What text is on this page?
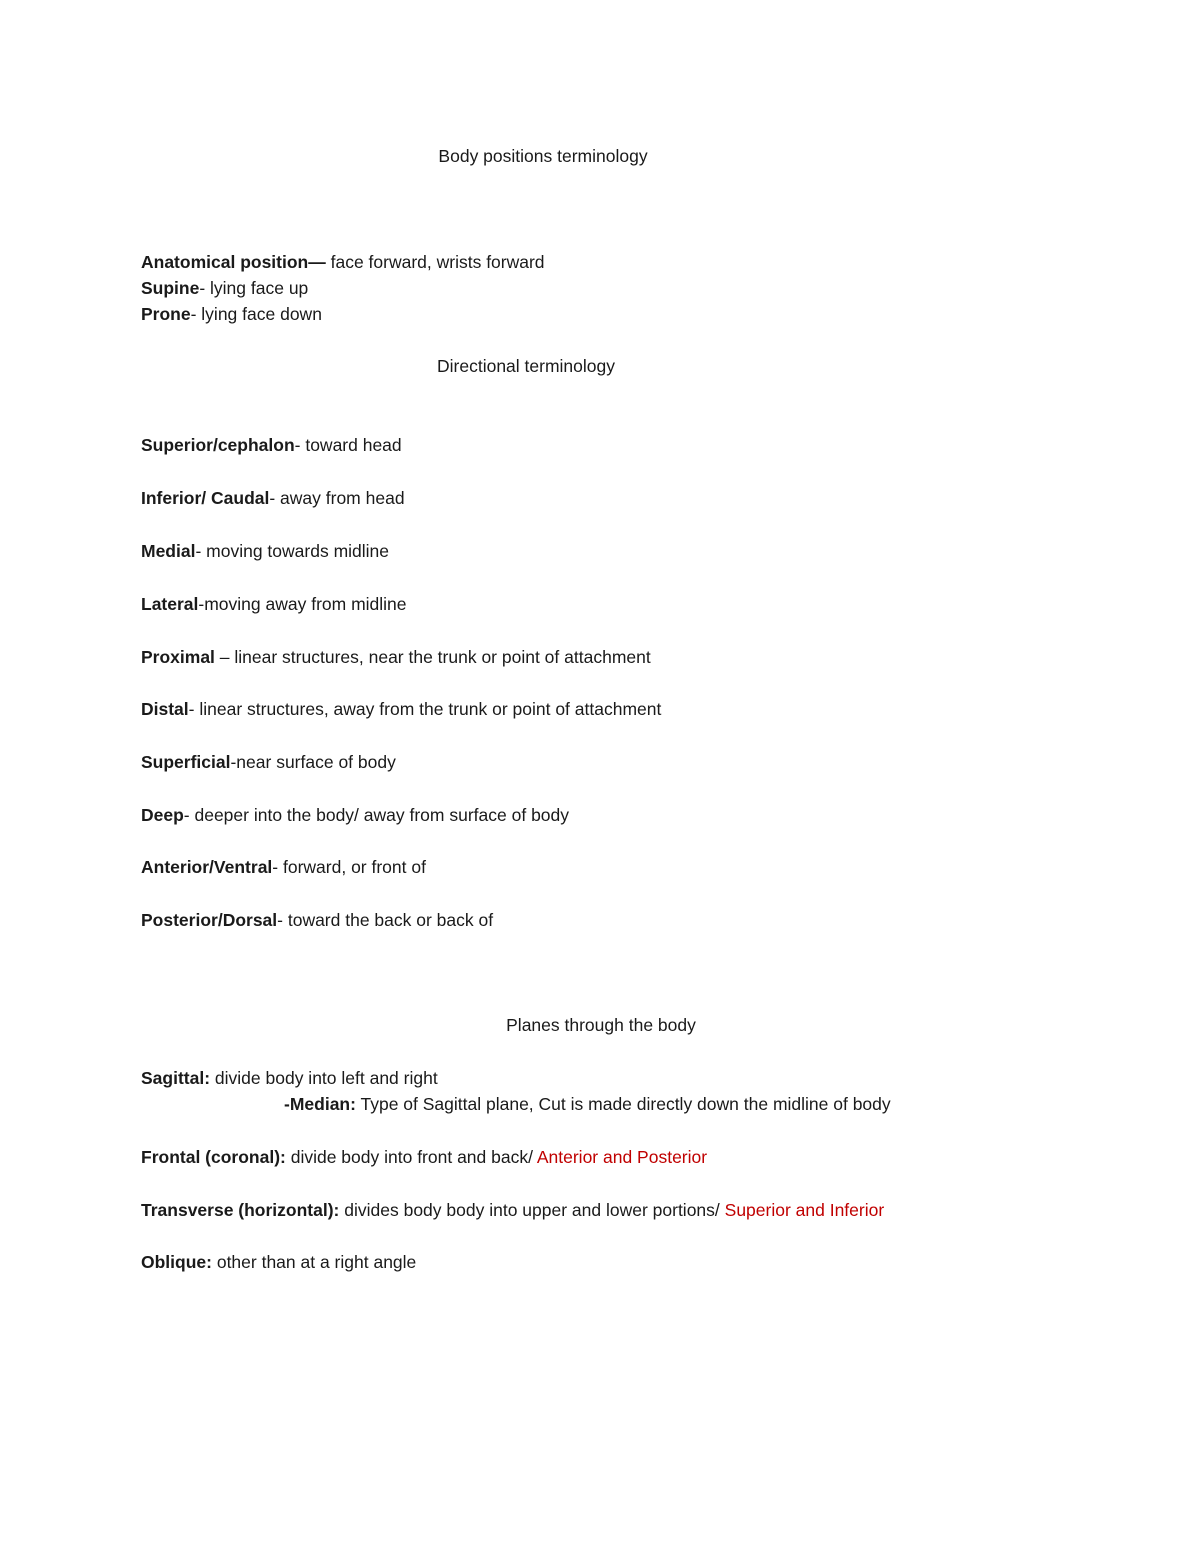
Body positions terminology
Anatomical position— face forward, wrists forward
Supine- lying face up
Prone- lying face down
Directional terminology
Superior/cephalon- toward head
Inferior/ Caudal- away from head
Medial- moving towards midline
Lateral-moving away from midline
Proximal – linear structures, near the trunk or point of attachment
Distal- linear structures, away from the trunk or point of attachment
Superficial-near surface of body
Deep- deeper into the body/ away from surface of body
Anterior/Ventral- forward, or front of
Posterior/Dorsal- toward the back or back of
Planes through the body
Sagittal: divide body into left and right
-Median: Type of Sagittal plane, Cut is made directly down the midline of body
Frontal (coronal): divide body into front and back/ Anterior and Posterior
Transverse (horizontal): divides body body into upper and lower portions/ Superior and Inferior
Oblique: other than at a right angle
